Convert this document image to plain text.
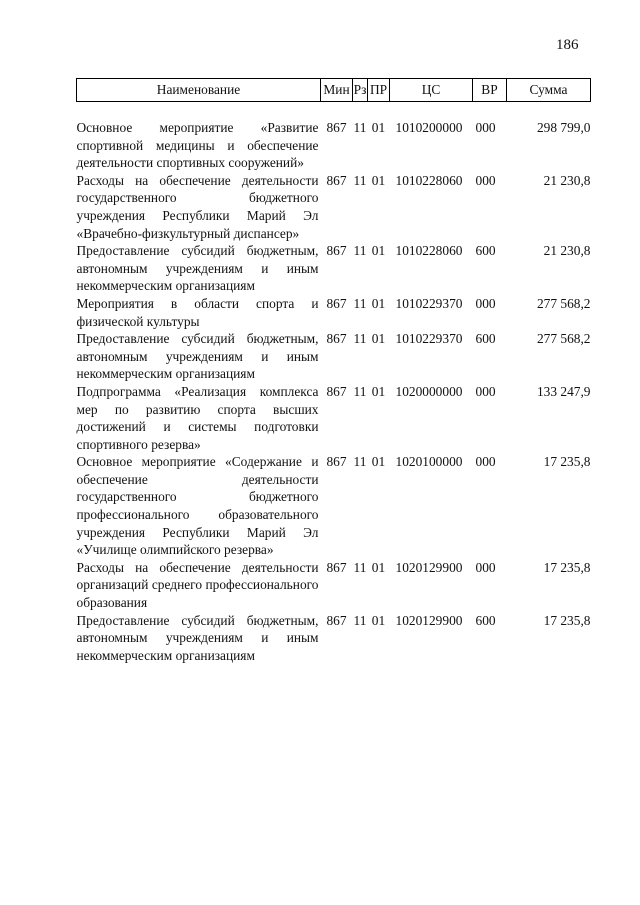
186
Наименование	Мин	Рз	ПР	ЦС	ВР	Сумма

Основное мероприятие «Развитие спортивной медицины и обеспечение деятельности спортивных сооружений»	867	11	01	1010200000	000	298 799,0
Расходы на обеспечение деятельности государственного бюджетного учреждения Республики Марий Эл «Врачебно-физкультурный диспансер»	867	11	01	1010228060	000	21 230,8
Предоставление субсидий бюджетным, автономным учреждениям и иным некоммерческим организациям	867	11	01	1010228060	600	21 230,8
Мероприятия в области спорта и физической культуры	867	11	01	1010229370	000	277 568,2
Предоставление субсидий бюджетным, автономным учреждениям и иным некоммерческим организациям	867	11	01	1010229370	600	277 568,2
Подпрограмма «Реализация комплекса мер по развитию спорта высших достижений и системы подготовки спортивного резерва»	867	11	01	1020000000	000	133 247,9
Основное мероприятие «Содержание и обеспечение деятельности государственного бюджетного профессионального образовательного учреждения Республики Марий Эл «Училище олимпийского резерва»	867	11	01	1020100000	000	17 235,8
Расходы на обеспечение деятельности организаций среднего профессионального образования	867	11	01	1020129900	000	17 235,8
Предоставление субсидий бюджетным, автономным учреждениям и иным некоммерческим организациям	867	11	01	1020129900	600	17 235,8
